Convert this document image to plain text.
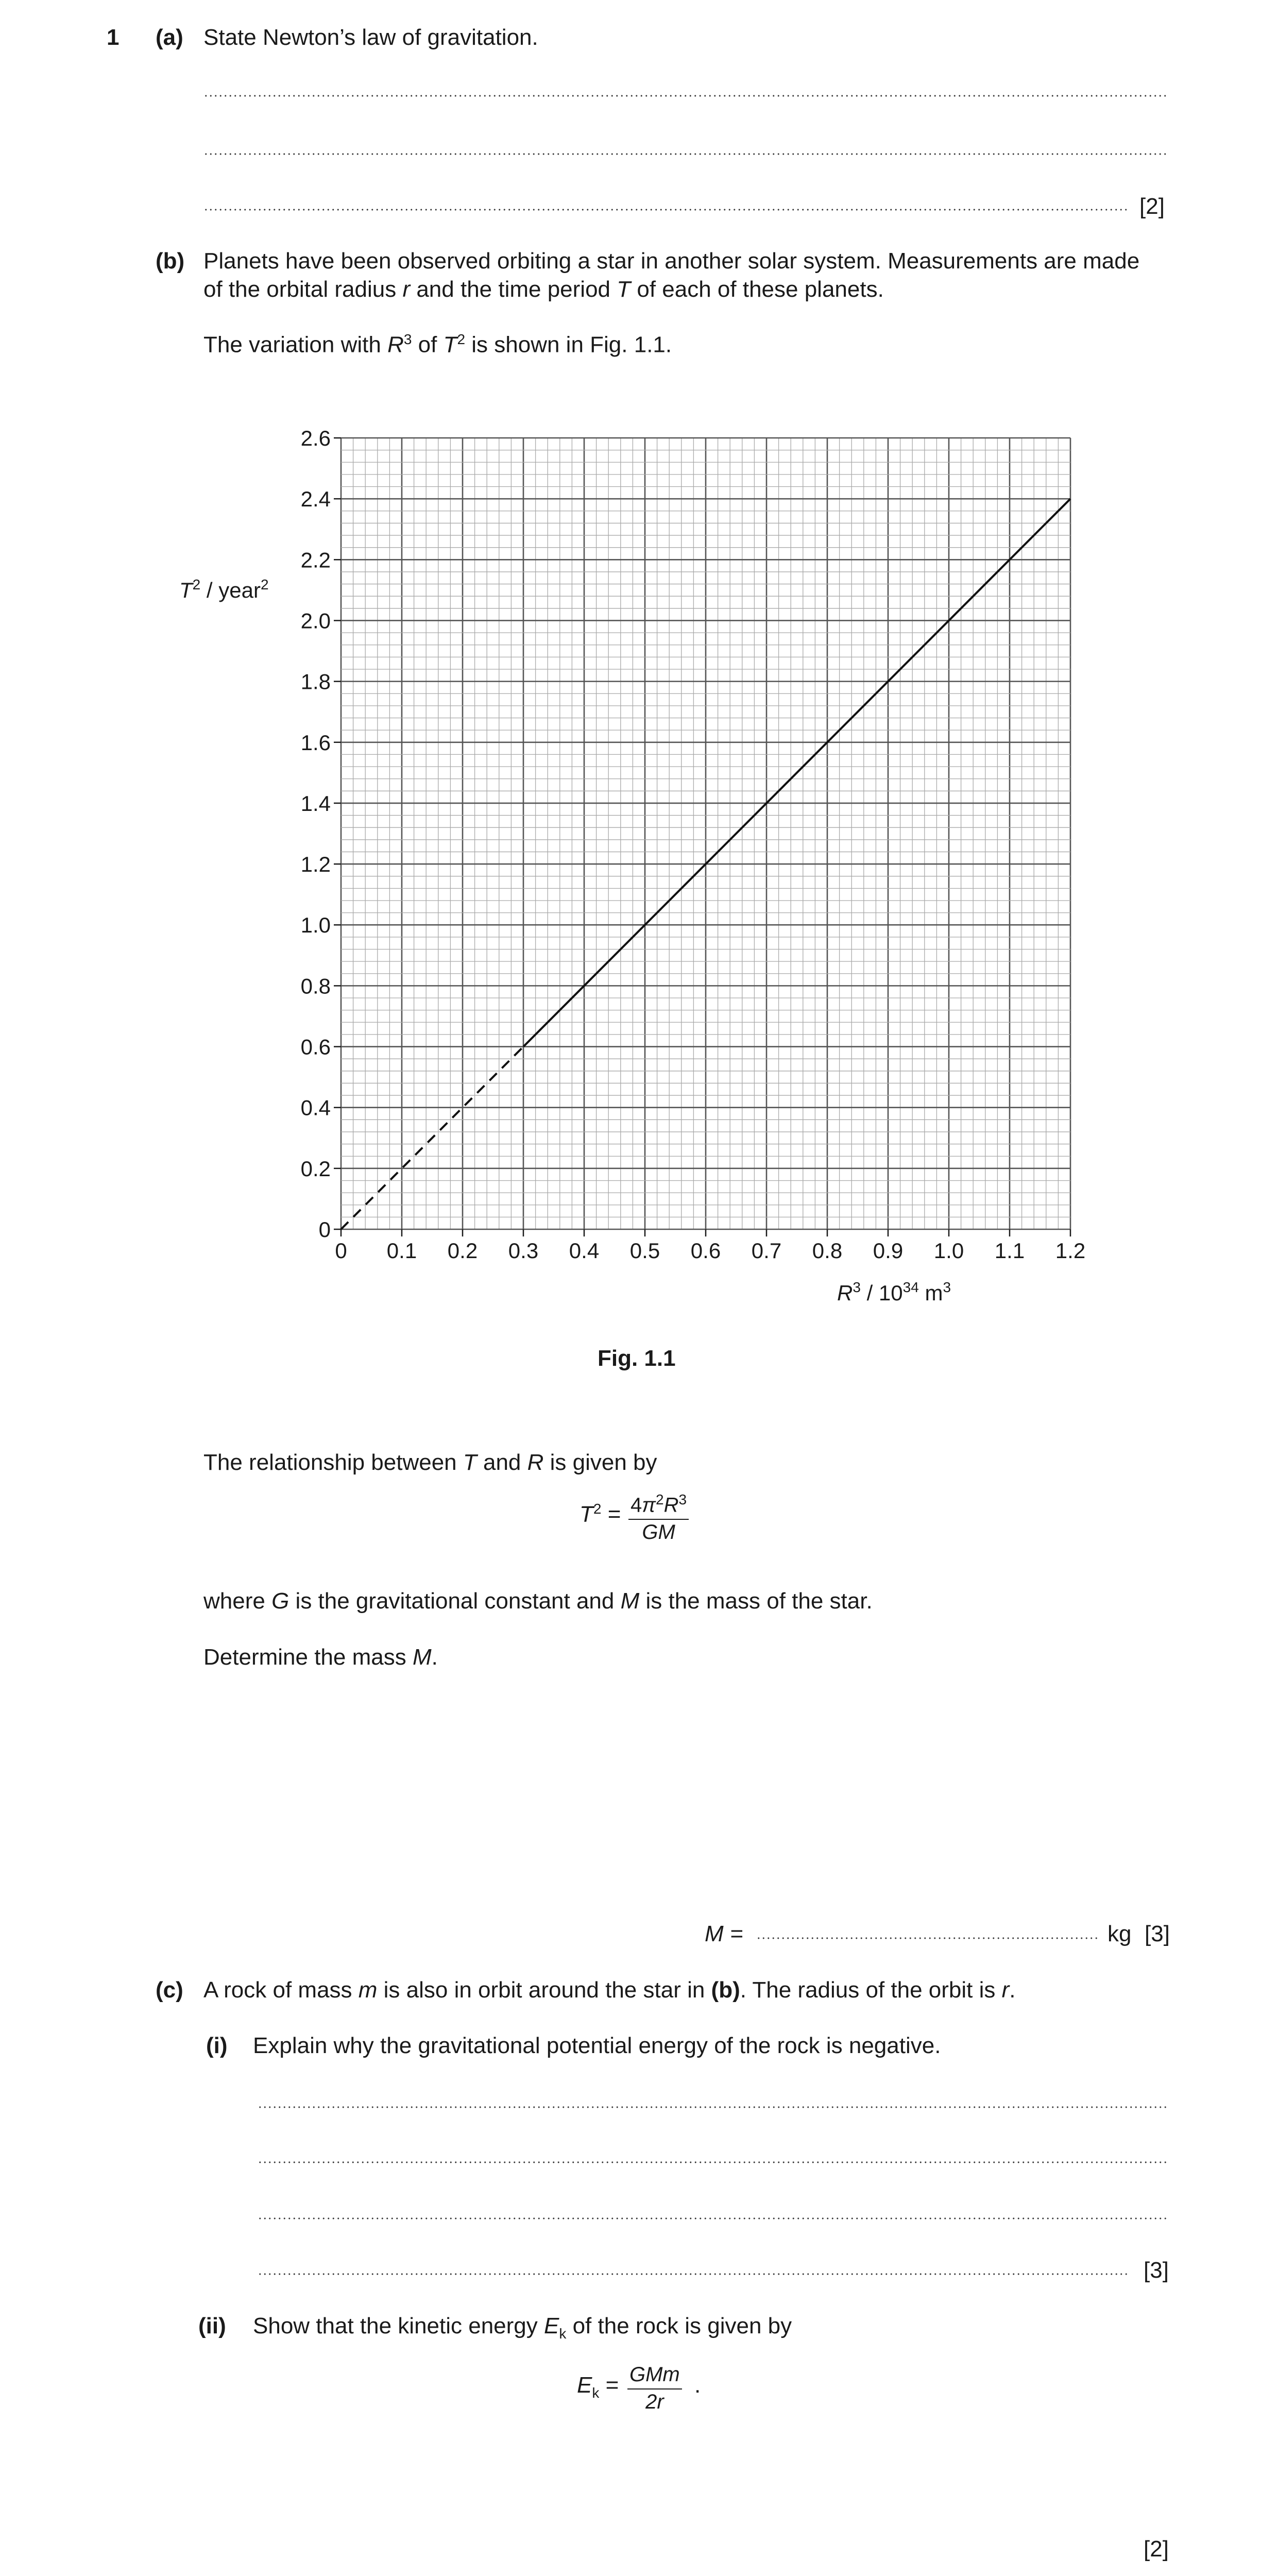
1 (a) State Newton’s law of gravitation.
[2]
(b) Planets have been observed orbiting a star in another solar system. Measurements are made
of the orbital radius r and the time period T of each of these planets.
The variation with $R^3$ of $T^2$ is shown in Fig. 1.1.
0 0.1 0.2 0.3 0.4 0.5 0.6 0.7 0.8 0.9 1.0 1.1 1.2
0
0.2
0.4
0.6
0.8
1.0
1.2
1.4
1.6
1.8
2.0
2.2
2.4
2.6
$T^2$ / year$^2$
$R^3 / 10^{34}$ $m^3$
Fig. 1.1
The relationship between T and R is given by
$T^2 = 4\pi^2R^3$
GM
where G is the gravitational constant and M is the mass of the star.
Determine the mass M.
M =	kg [3]
(c) A rock of mass m is also in orbit around the star in (b). The radius of the orbit is r.
(i) Explain why the gravitational potential energy of the rock is negative.
[3]
(ii) Show that the kinetic energy $E_k$ of the rock is given by
$E_k$ = GMm
2r
.
[2]
